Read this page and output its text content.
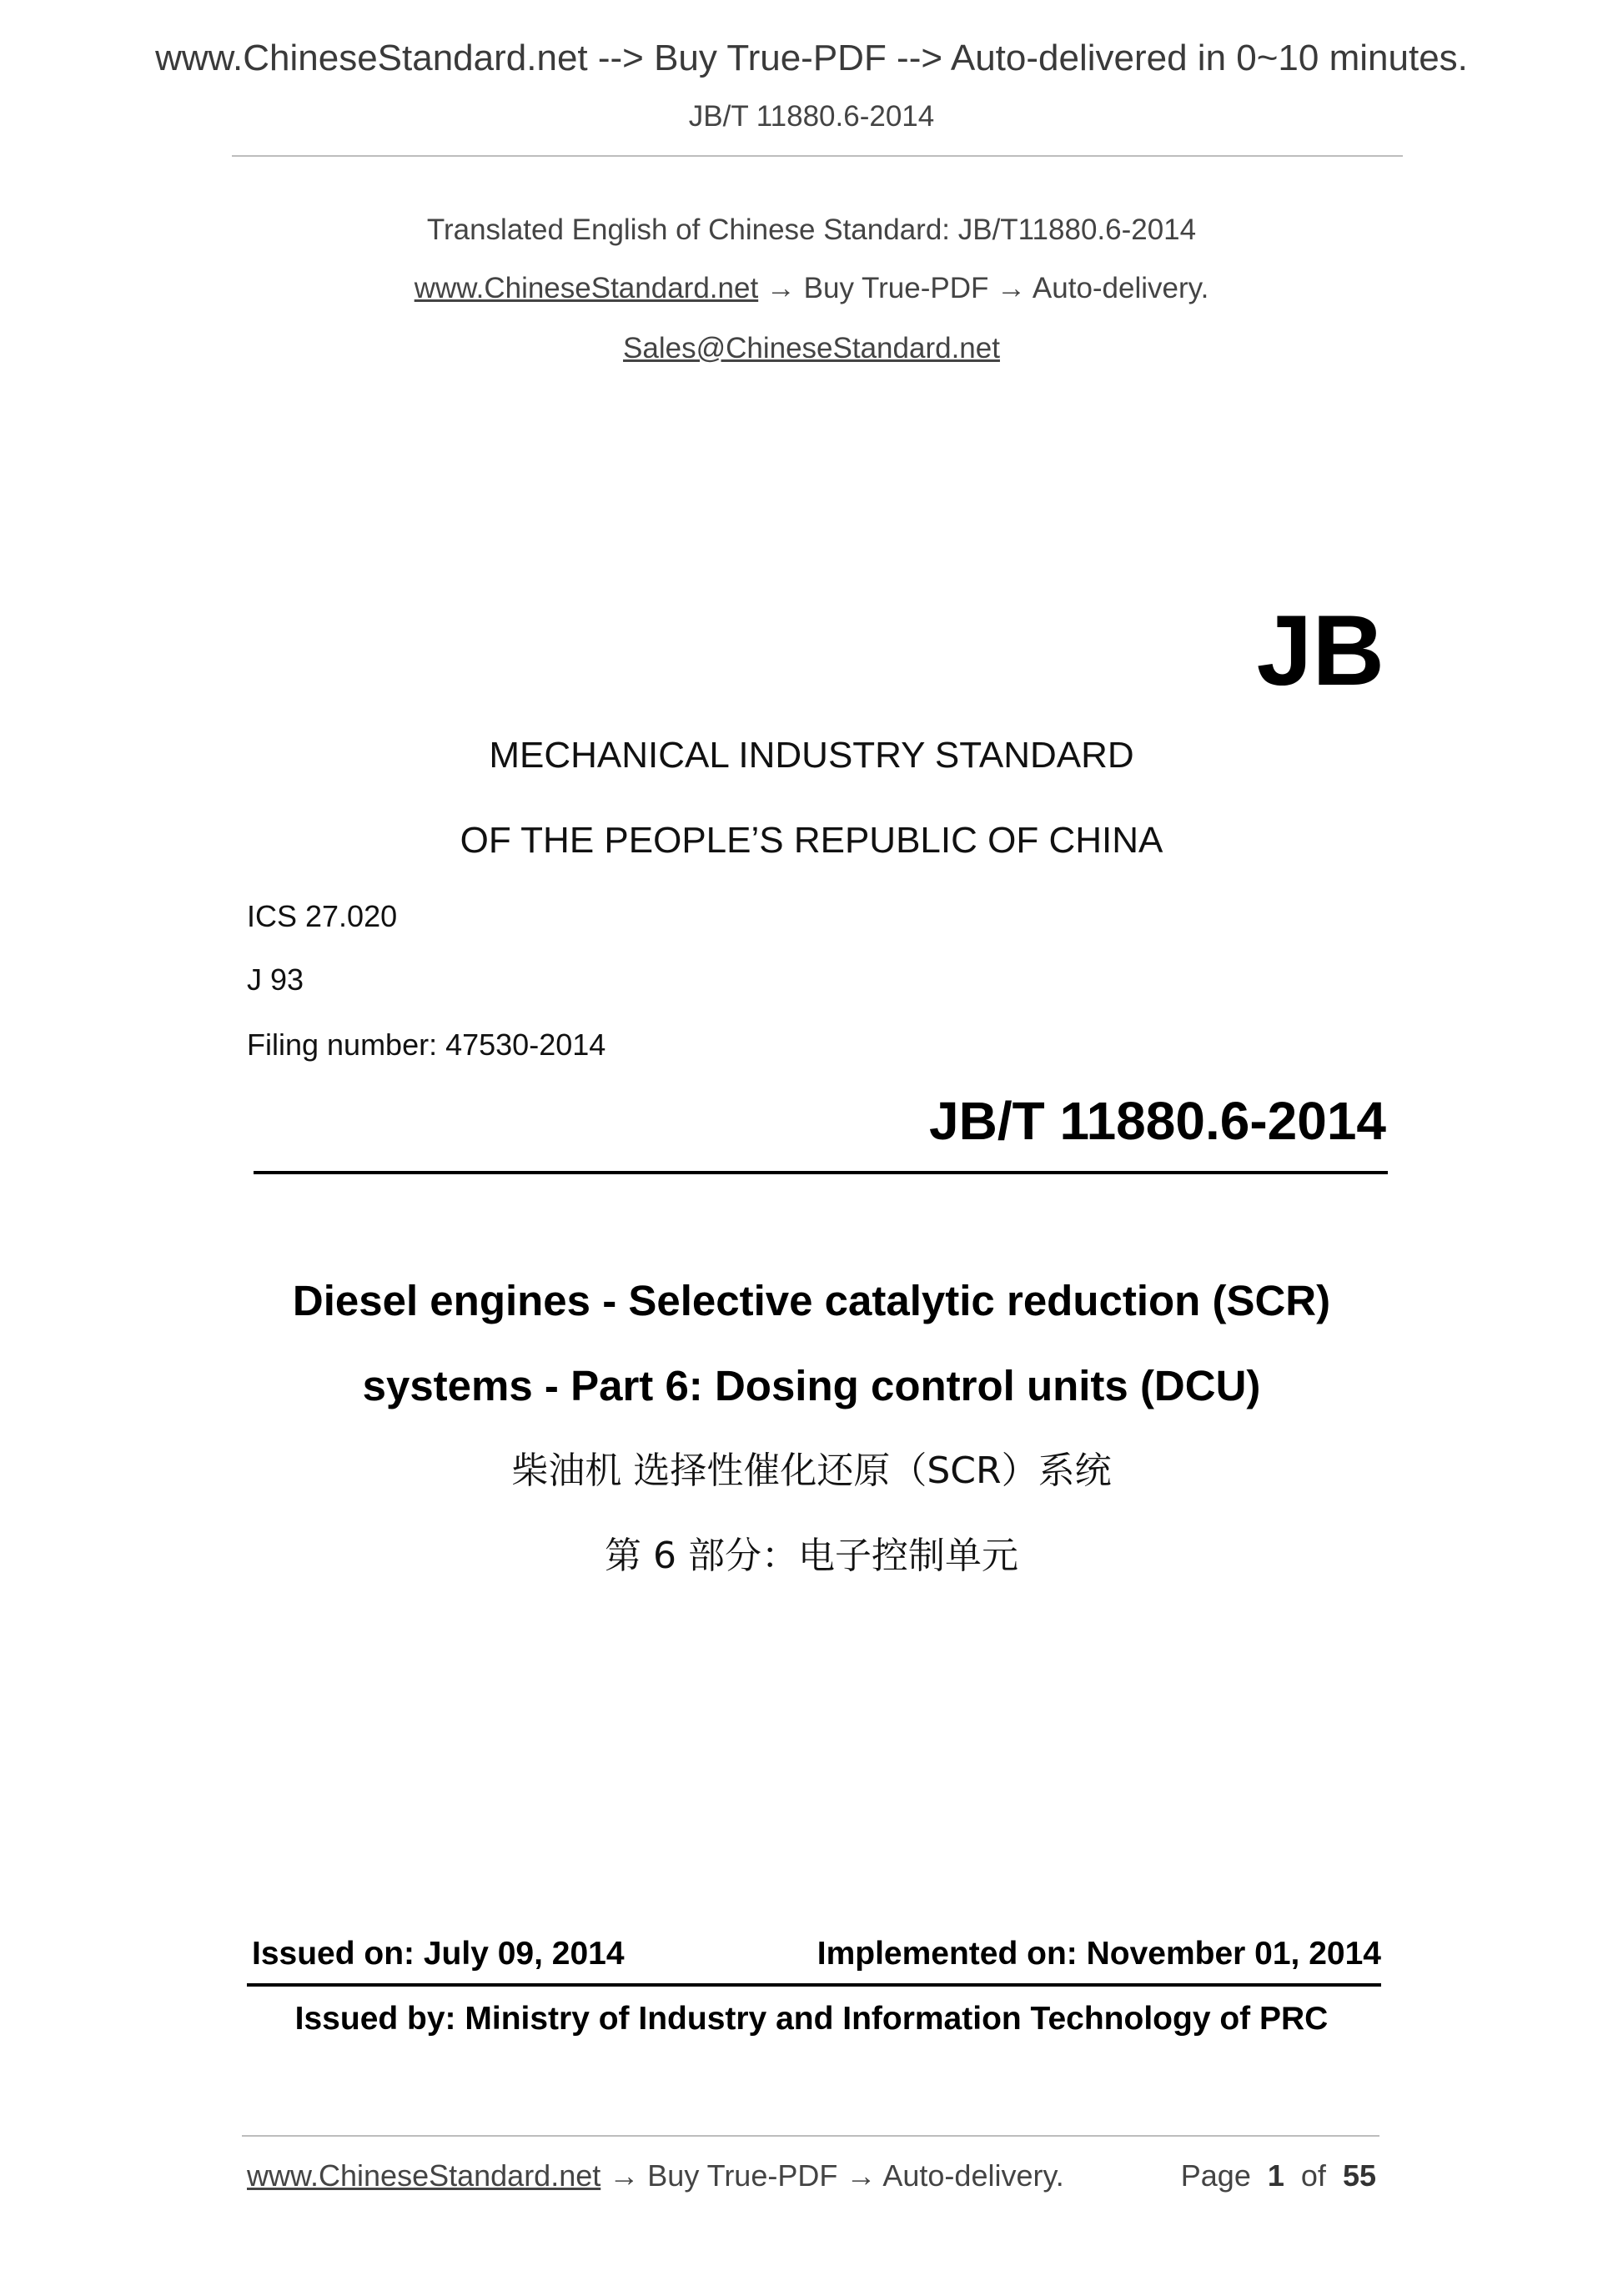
www.ChineseStandard.net --> Buy True-PDF --> Auto-delivered in 0~10 minutes.
JB/T 11880.6-2014
Translated English of Chinese Standard: JB/T11880.6-2014
www.ChineseStandard.net → Buy True-PDF → Auto-delivery.
Sales@ChineseStandard.net
JB
MECHANICAL INDUSTRY STANDARD
OF THE PEOPLE’S REPUBLIC OF CHINA
ICS 27.020
J 93
Filing number: 47530-2014
JB/T 11880.6-2014
Diesel engines - Selective catalytic reduction (SCR)
systems - Part 6: Dosing control units (DCU)
柴油机 选择性催化还原（SCR）系统
第 6 部分：电子控制单元
Issued on: July 09, 2014	Implemented on: November 01, 2014
Issued by: Ministry of Industry and Information Technology of PRC
www.ChineseStandard.net → Buy True-PDF → Auto-delivery.	Page 1 of 55
